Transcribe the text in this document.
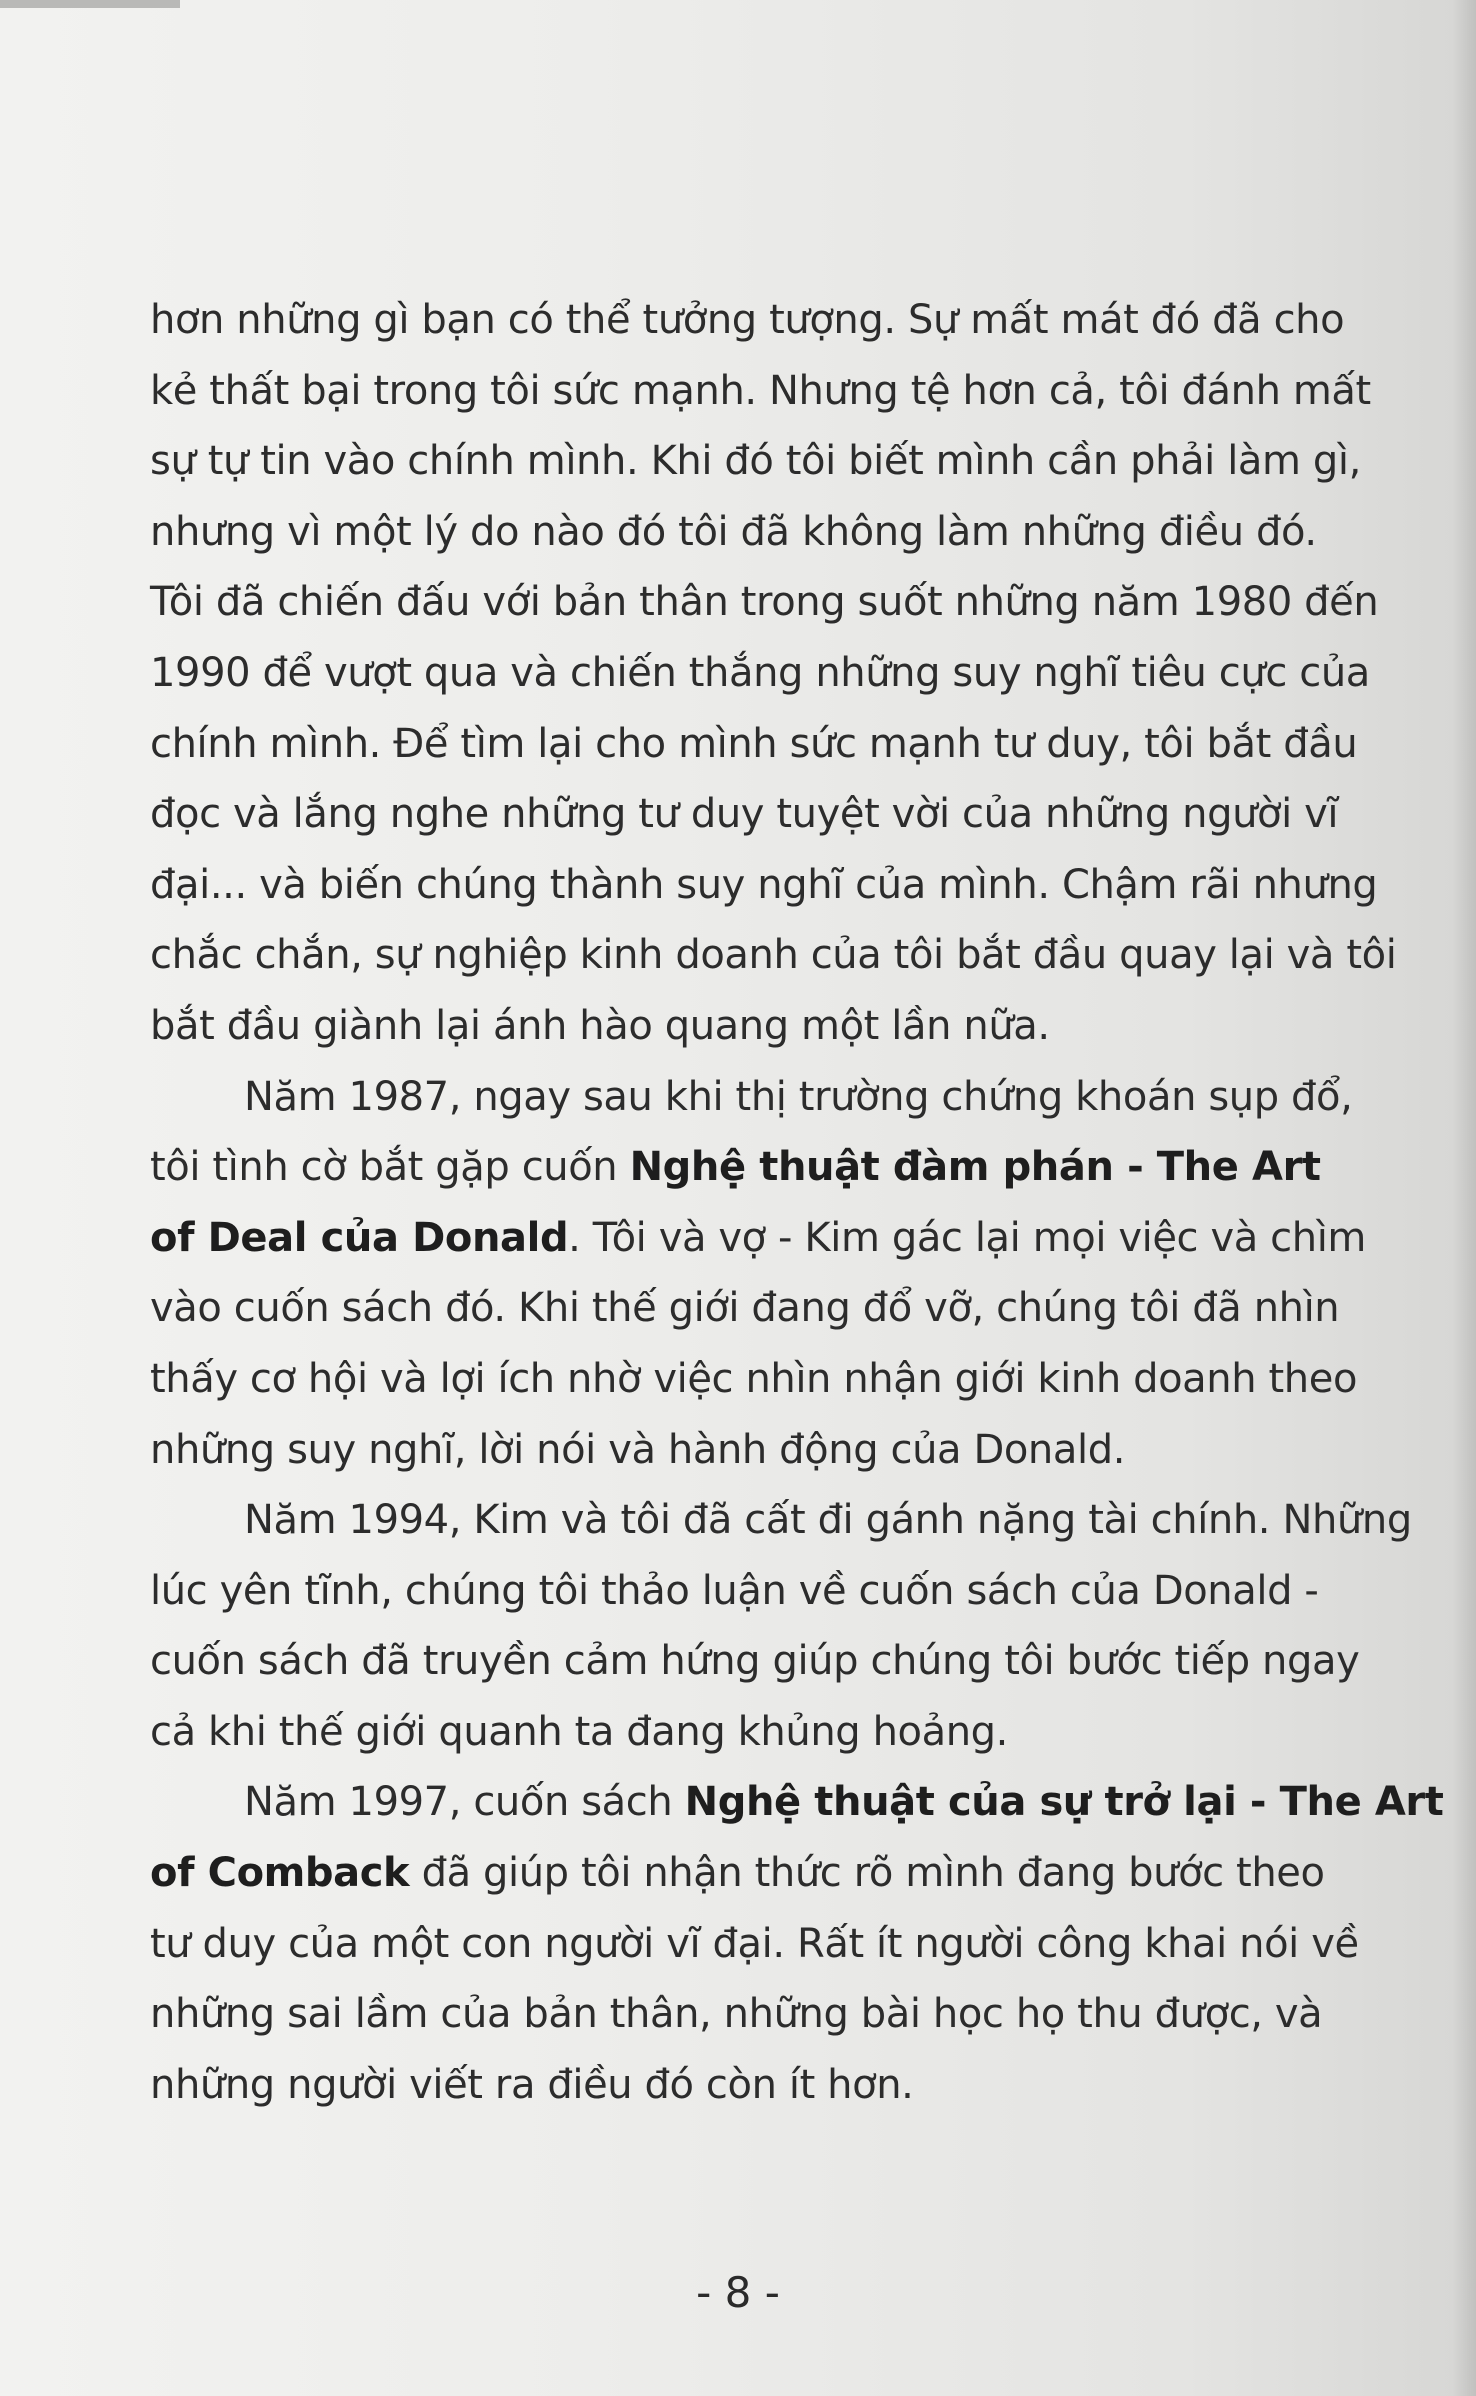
hơn những gì bạn có thể tưởng tượng. Sự mất mát đó đã cho
kẻ thất bại trong tôi sức mạnh. Nhưng tệ hơn cả, tôi đánh mất
sự tự tin vào chính mình. Khi đó tôi biết mình cần phải làm gì,
nhưng vì một lý do nào đó tôi đã không làm những điều đó.
Tôi đã chiến đấu với bản thân trong suốt những năm 1980 đến
1990 để vượt qua và chiến thắng những suy nghĩ tiêu cực của
chính mình. Để tìm lại cho mình sức mạnh tư duy, tôi bắt đầu
đọc và lắng nghe những tư duy tuyệt vời của những người vĩ
đại... và biến chúng thành suy nghĩ của mình. Chậm rãi nhưng
chắc chắn, sự nghiệp kinh doanh của tôi bắt đầu quay lại và tôi
bắt đầu giành lại ánh hào quang một lần nữa.
Năm 1987, ngay sau khi thị trường chứng khoán sụp đổ,
tôi tình cờ bắt gặp cuốn Nghệ thuật đàm phán - The Art
of Deal của Donald. Tôi và vợ - Kim gác lại mọi việc và chìm
vào cuốn sách đó. Khi thế giới đang đổ vỡ, chúng tôi đã nhìn
thấy cơ hội và lợi ích nhờ việc nhìn nhận giới kinh doanh theo
những suy nghĩ, lời nói và hành động của Donald.
Năm 1994, Kim và tôi đã cất đi gánh nặng tài chính. Những
lúc yên tĩnh, chúng tôi thảo luận về cuốn sách của Donald -
cuốn sách đã truyền cảm hứng giúp chúng tôi bước tiếp ngay
cả khi thế giới quanh ta đang khủng hoảng.
Năm 1997, cuốn sách Nghệ thuật của sự trở lại - The Art
of Comback đã giúp tôi nhận thức rõ mình đang bước theo
tư duy của một con người vĩ đại. Rất ít người công khai nói về
những sai lầm của bản thân, những bài học họ thu được, và
những người viết ra điều đó còn ít hơn.
- 8 -
